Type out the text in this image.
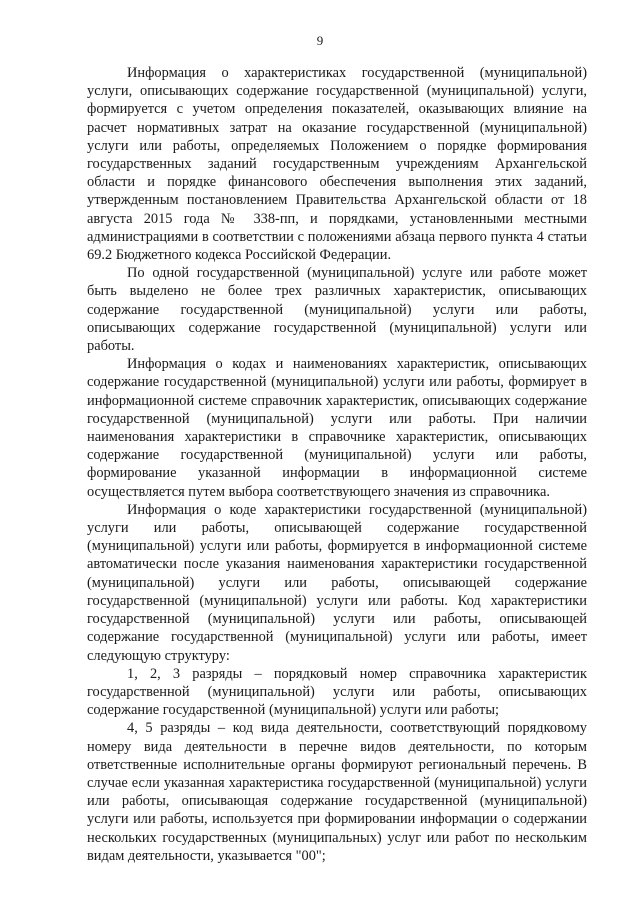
9

Информация о характеристиках государственной (муниципальной) услуги, описывающих содержание государственной (муниципальной) услуги, формируется с учетом определения показателей, оказывающих влияние на расчет нормативных затрат на оказание государственной (муниципальной) услуги или работы, определяемых Положением о порядке формирования государственных заданий государственным учреждениям Архангельской области и порядке финансового обеспечения выполнения этих заданий, утвержденным постановлением Правительства Архангельской области от 18 августа 2015 года № 338-пп, и порядками, установленными местными администрациями в соответствии с положениями абзаца первого пункта 4 статьи 69.2 Бюджетного кодекса Российской Федерации.

По одной государственной (муниципальной) услуге или работе может быть выделено не более трех различных характеристик, описывающих содержание государственной (муниципальной) услуги или работы, описывающих содержание государственной (муниципальной) услуги или работы.

Информация о кодах и наименованиях характеристик, описывающих содержание государственной (муниципальной) услуги или работы, формирует в информационной системе справочник характеристик, описывающих содержание государственной (муниципальной) услуги или работы. При наличии наименования характеристики в справочнике характеристик, описывающих содержание государственной (муниципальной) услуги или работы, формирование указанной информации в информационной системе осуществляется путем выбора соответствующего значения из справочника.

Информация о коде характеристики государственной (муниципальной) услуги или работы, описывающей содержание государственной (муниципальной) услуги или работы, формируется в информационной системе автоматически после указания наименования характеристики государственной (муниципальной) услуги или работы, описывающей содержание государственной (муниципальной) услуги или работы. Код характеристики государственной (муниципальной) услуги или работы, описывающей содержание государственной (муниципальной) услуги или работы, имеет следующую структуру:

1, 2, 3 разряды – порядковый номер справочника характеристик государственной (муниципальной) услуги или работы, описывающих содержание государственной (муниципальной) услуги или работы;

4, 5 разряды – код вида деятельности, соответствующий порядковому номеру вида деятельности в перечне видов деятельности, по которым ответственные исполнительные органы формируют региональный перечень. В случае если указанная характеристика государственной (муниципальной) услуги или работы, описывающая содержание государственной (муниципальной) услуги или работы, используется при формировании информации о содержании нескольких государственных (муниципальных) услуг или работ по нескольким видам деятельности, указывается "00";
